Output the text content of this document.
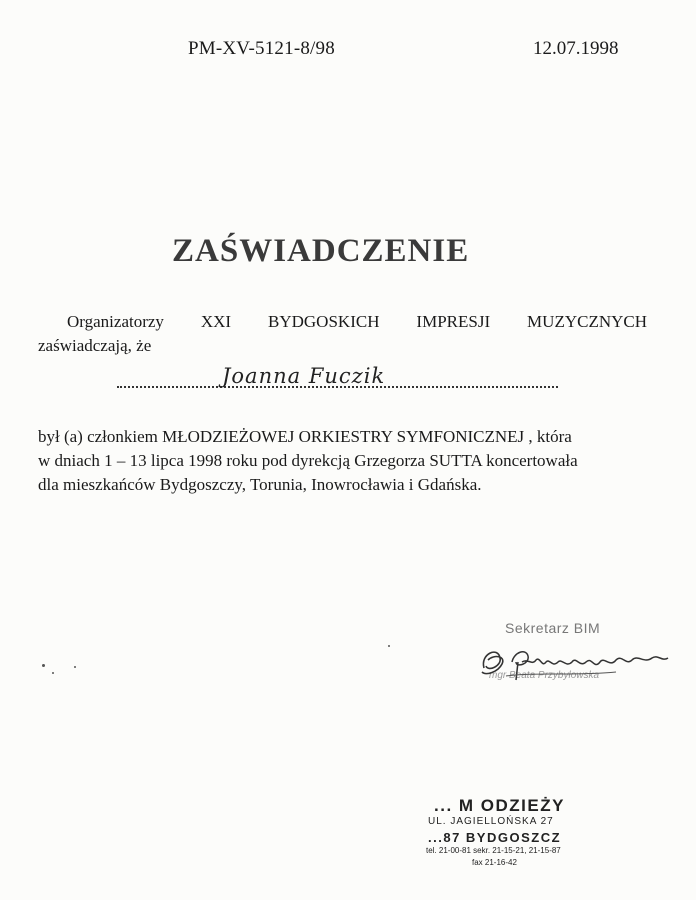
PM-XV-5121-8/98	12.07.1998
ZAŚWIADCZENIE
Organizatorzy XXI BYDGOSKICH IMPRESJI MUZYCZNYCH
zaświadczają, że
Joanna Fuczik
był (a) członkiem MŁODZIEŻOWEJ ORKIESTRY SYMFONICZNEJ , która
w dniach 1 – 13 lipca 1998 roku pod dyrekcją Grzegorza SUTTA koncertowała
dla mieszkańców Bydgoszczy, Torunia, Inowrocławia i Gdańska.
Sekretarz BIM
mgr Beata Przybyłowska
... M ODZIEŻY
UL. JAGIELLOŃSKA 27
...87 BYDGOSZCZ
tel. 21-00-81 sekr. 21-15-21, 21-15-87
fax 21-16-42
